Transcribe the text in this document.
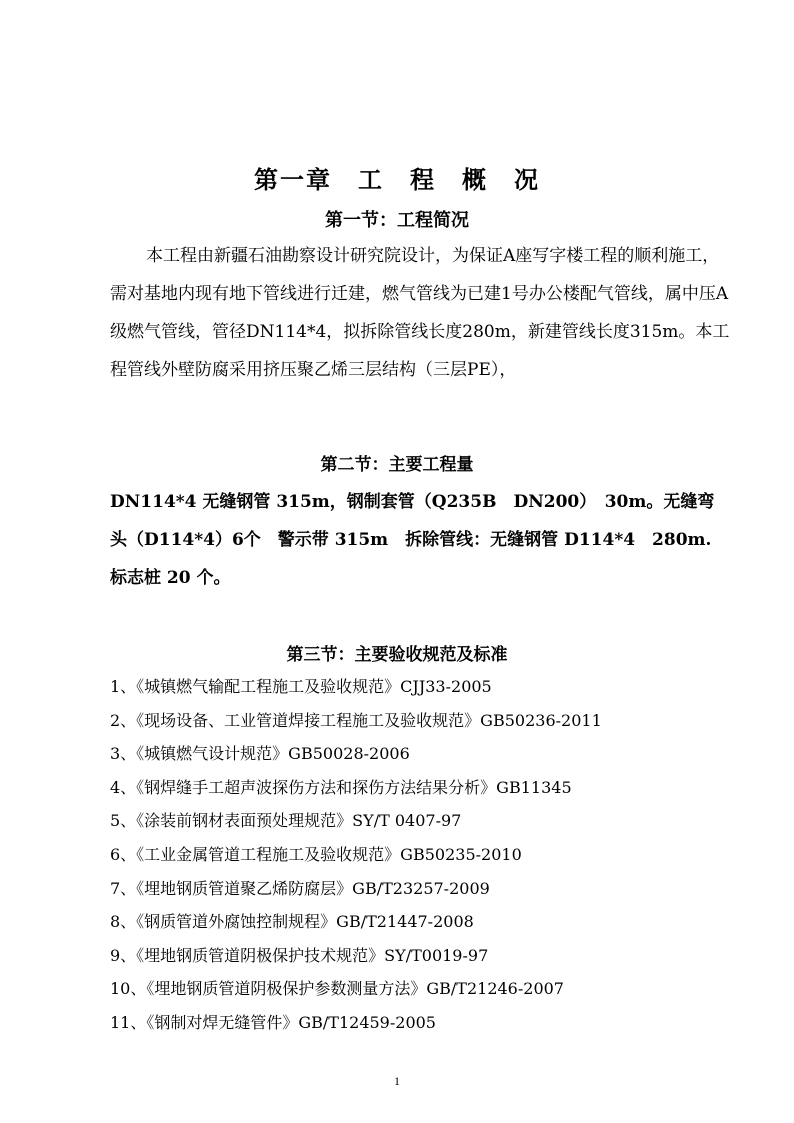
第一章　工　程　概　况
第一节：工程简况

本工程由新疆石油勘察设计研究院设计，为保证A座写字楼工程的顺利施工，需对基地内现有地下管线进行迁建，燃气管线为已建1号办公楼配气管线，属中压A级燃气管线，管径DN114*4，拟拆除管线长度280m，新建管线长度315m。本工程管线外壁防腐采用挤压聚乙烯三层结构（三层PE），

第二节：主要工程量

DN114*4 无缝钢管 315m，钢制套管（Q235B　DN200）　30m。无缝弯头（D114*4）6个　警示带 315m　拆除管线：无缝钢管 D114*4　280m. 标志桩 20 个。

第三节：主要验收规范及标准
1、《城镇燃气输配工程施工及验收规范》CJJ33-2005
2、《现场设备、工业管道焊接工程施工及验收规范》GB50236-2011
3、《城镇燃气设计规范》GB50028-2006
4、《钢焊缝手工超声波探伤方法和探伤方法结果分析》GB11345
5、《涂装前钢材表面预处理规范》SY/T 0407-97
6、《工业金属管道工程施工及验收规范》GB50235-2010
7、《埋地钢质管道聚乙烯防腐层》GB/T23257-2009
8、《钢质管道外腐蚀控制规程》GB/T21447-2008
9、《埋地钢质管道阴极保护技术规范》SY/T0019-97
10、《埋地钢质管道阴极保护参数测量方法》GB/T21246-2007
11、《钢制对焊无缝管件》GB/T12459-2005
1
